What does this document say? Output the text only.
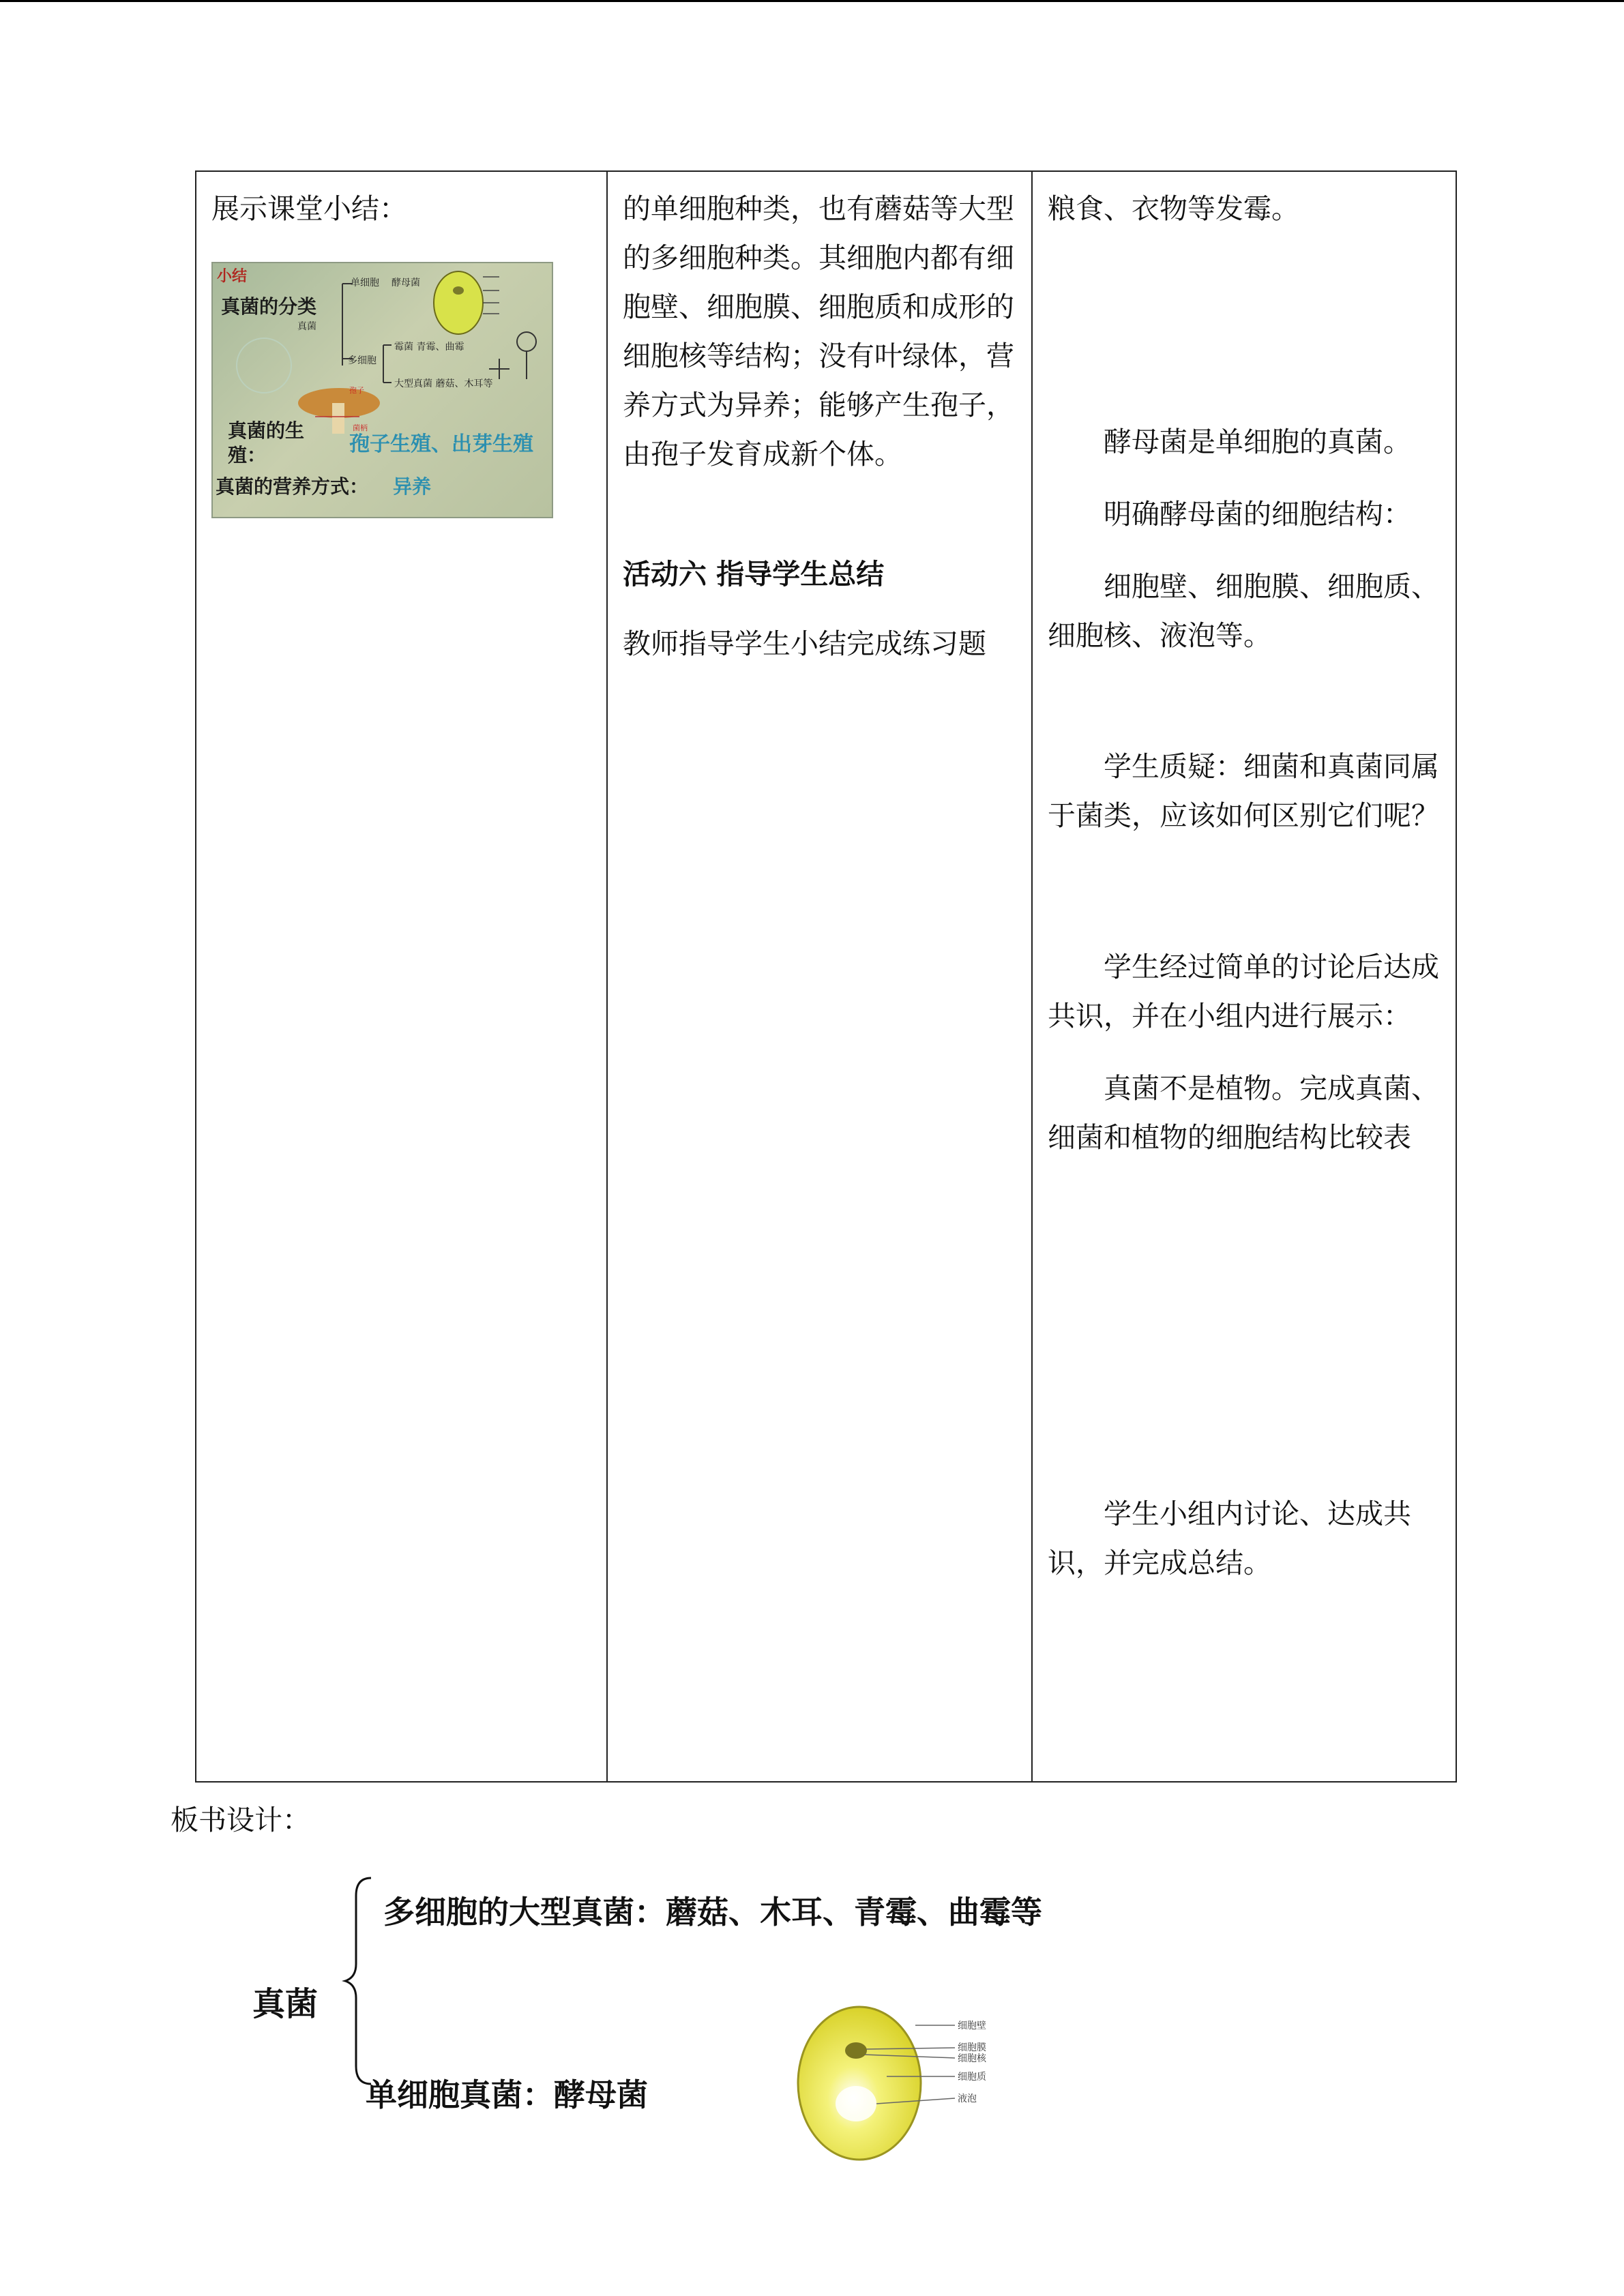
展示课堂小结：

孢子
菌柄
小结
真菌的分类
单细胞 酵母菌
真菌
多细胞
霉菌 青霉、曲霉
大型真菌 蘑菇、木耳等
真菌的生殖：	孢子生殖、出芽生殖
真菌的营养方式： 异养

的单细胞种类，也有蘑菇等大型的多细胞种类。其细胞内都有细胞壁、细胞膜、细胞质和成形的细胞核等结构；没有叶绿体，营养方式为异养；能够产生孢子，由孢子发育成新个体。

活动六 指导学生总结

教师指导学生小结完成练习题

粮食、衣物等发霉。

酵母菌是单细胞的真菌。

明确酵母菌的细胞结构：

细胞壁、细胞膜、细胞质、细胞核、液泡等。

学生质疑：细菌和真菌同属于菌类，应该如何区别它们呢？

学生经过简单的讨论后达成共识，并在小组内进行展示：

真菌不是植物。完成真菌、细菌和植物的细胞结构比较表

学生小组内讨论、达成共识，并完成总结。

板书设计：
真菌
多细胞的大型真菌：蘑菇、木耳、青霉、曲霉等
单细胞真菌：酵母菌
细胞壁
细胞膜
细胞核
细胞质
液泡
